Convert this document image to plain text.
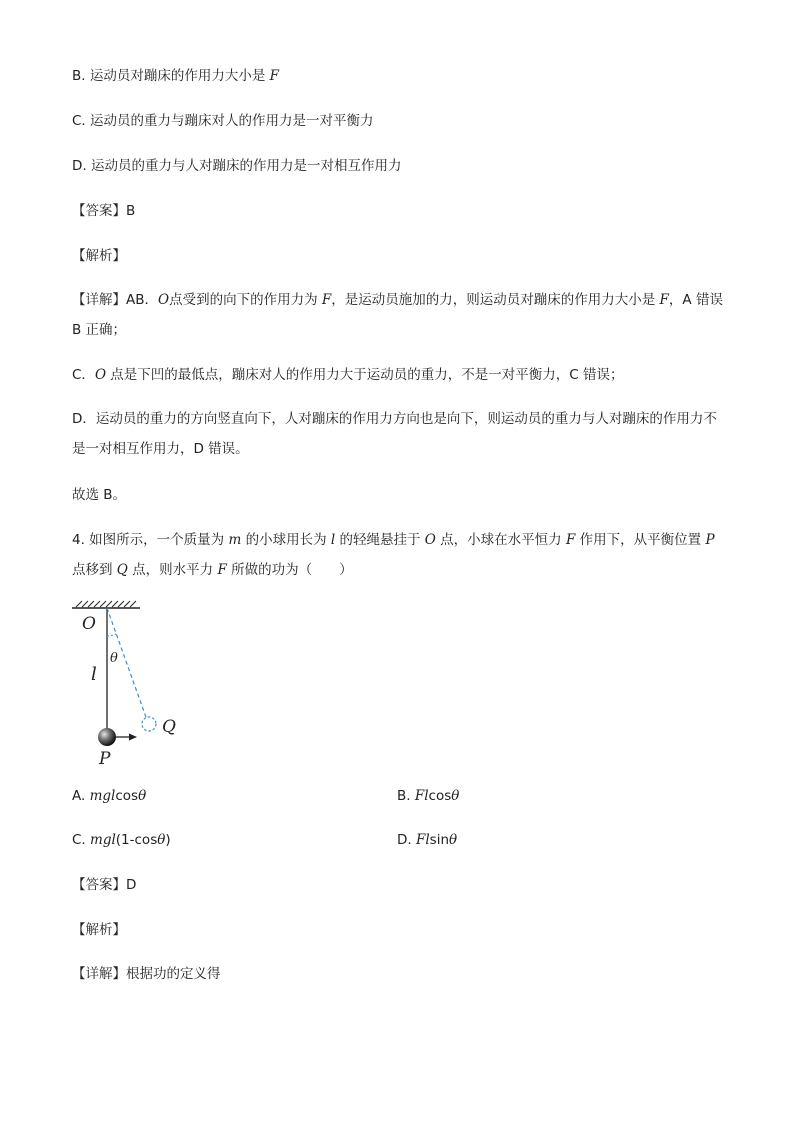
B. 运动员对蹦床的作用力大小是 F
C. 运动员的重力与蹦床对人的作用力是一对平衡力
D. 运动员的重力与人对蹦床的作用力是一对相互作用力
【答案】B
【解析】
【详解】AB．O点受到的向下的作用力为 F，是运动员施加的力，则运动员对蹦床的作用力大小是 F，A 错误 B 正确；
C．O 点是下凹的最低点，蹦床对人的作用力大于运动员的重力，不是一对平衡力，C 错误；
D．运动员的重力的方向竖直向下，人对蹦床的作用力方向也是向下，则运动员的重力与人对蹦床的作用力不是一对相互作用力，D 错误。
故选 B。
4. 如图所示，一个质量为 m 的小球用长为 l 的轻绳悬挂于 O 点，小球在水平恒力 F 作用下，从平衡位置 P 点移到 Q 点，则水平力 F 所做的功为（　　）
O
θ
l
Q
P
A. mglcosθ	B. Flcosθ
C. mgl(1-cosθ)	D. Flsinθ
【答案】D
【解析】
【详解】根据功的定义得
